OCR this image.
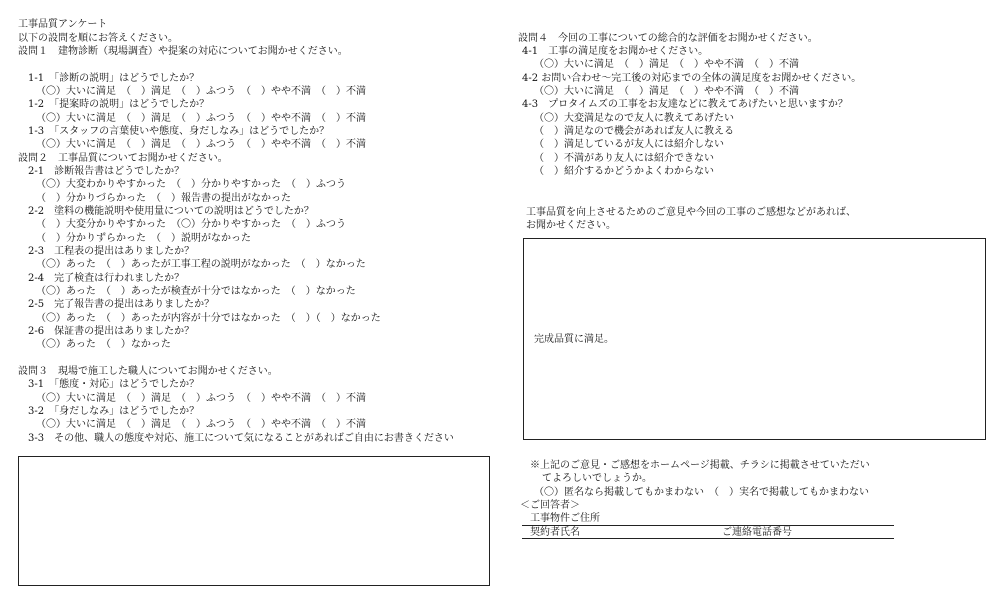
工事品質アンケート
以下の設問を順にお答えください。
設問１　建物診断（現場調査）や提案の対応についてお聞かせください。
1-1　「診断の説明」はどうでしたか？
（〇）大いに満足　（　）満足　（　）ふつう　（　）やや不満　（　）不満
1-2　「提案時の説明」はどうでしたか？
（〇）大いに満足　（　）満足　（　）ふつう　（　）やや不満　（　）不満
1-3　「スタッフの言葉使いや態度、身だしなみ」はどうでしたか？
（〇）大いに満足　（　）満足　（　）ふつう　（　）やや不満　（　）不満
設問２　工事品質についてお聞かせください。
2-1　診断報告書はどうでしたか？
（〇）大変わかりやすかった　（　）分かりやすかった　（　）ふつう
（　）分かりづらかった　（　）報告書の提出がなかった
2-2　塗料の機能説明や使用量についての説明はどうでしたか？
（　）大変分かりやすかった　（〇）分かりやすかった　（　）ふつう
（　）分かりずらかった　（　）説明がなかった
2-3　工程表の提出はありましたか？
（〇）あった　（　）あったが工事工程の説明がなかった　（　）なかった
2-4　完了検査は行われましたか？
（〇）あった　（　）あったが検査が十分ではなかった　（　）なかった
2-5　完了報告書の提出はありましたか？
（〇）あった　（　）あったが内容が十分ではなかった　（　）（　）なかった
2-6　保証書の提出はありましたか？
（〇）あった　（　）なかった
設問３　現場で施工した職人についてお聞かせください。
3-1　「態度・対応」はどうでしたか？
（〇）大いに満足　（　）満足　（　）ふつう　（　）やや不満　（　）不満
3-2　「身だしなみ」はどうでしたか？
（〇）大いに満足　（　）満足　（　）ふつう　（　）やや不満　（　）不満
3-3　その他、職人の態度や対応、施工について気になることがあればご自由にお書きください
設問４　今回の工事についての総合的な評価をお聞かせください。
4-1　工事の満足度をお聞かせください。
（〇）大いに満足　（　）満足　（　）やや不満　（　）不満
4-2 お問い合わせ～完工後の対応までの全体の満足度をお聞かせください。
（〇）大いに満足　（　）満足　（　）やや不満　（　）不満
4-3　プロタイムズの工事をお友達などに教えてあげたいと思いますか？
（〇）大変満足なので友人に教えてあげたい
（　）満足なので機会があれば友人に教える
（　）満足しているが友人には紹介しない
（　）不満があり友人には紹介できない
（　）紹介するかどうかよくわからない
工事品質を向上させるためのご意見や今回の工事のご感想などがあれば、
お聞かせください。
完成品質に満足。
※上記のご意見・ご感想をホームページ掲載、チラシに掲載させていただい
てよろしいでしょうか。
（〇）匿名なら掲載してもかまわない　（　）実名で掲載してもかまわない
＜ご回答者＞
工事物件ご住所
契約者氏名	ご連絡電話番号
